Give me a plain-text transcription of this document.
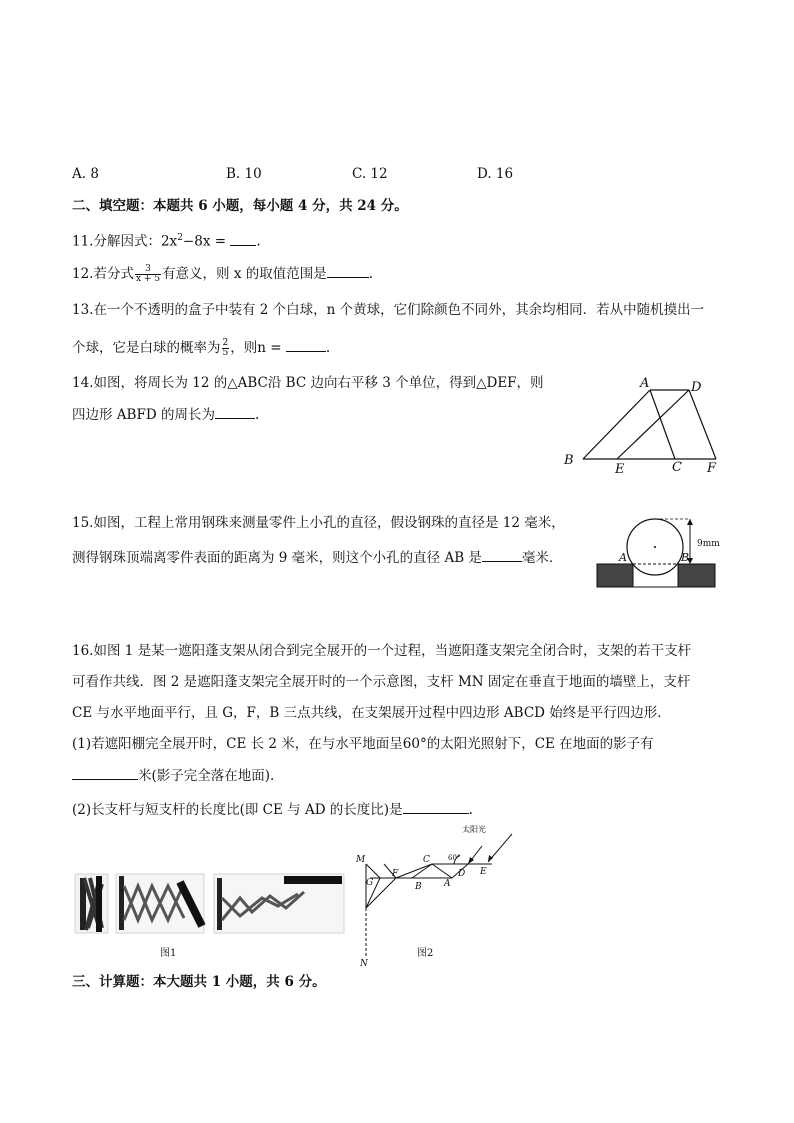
A. 8	B. 10	C. 12	D. 16
二、填空题：本题共 6 小题，每小题 4 分，共 24 分。
11.分解因式：$2x^2-8x$ = .
12.若分式 $\frac{3}{x + 5}$ 有意义，则 x 的取值范围是	.
13.在一个不透明的盒子中装有 2 个白球，n 个黄球，它们除颜色不同外，其余均相同．若从中随机摸出一
个球，它是白球的概率为 $\frac{2}{5}$ ，则n =	.
14.如图，将周长为 12 的△ABC沿 BC 边向右平移 3 个单位，得到△DEF，则
四边形 ABFD 的周长为	.
A	D
B
E	C F
15.如图，工程上常用钢珠来测量零件上小孔的直径，假设钢珠的直径是 12 毫米，
测得钢珠顶端离零件表面的距离为 9 毫米，则这个小孔的直径 AB 是	毫米．	A	B
9mm
16.如图 1 是某一遮阳蓬支架从闭合到完全展开的一个过程，当遮阳蓬支架完全闭合时，支架的若干支杆
可看作共线．图 2 是遮阳蓬支架完全展开时的一个示意图，支杆 MN 固定在垂直于地面的墙壁上，支杆
CE 与水平地面平行，且 G，F，B 三点共线，在支架展开过程中四边形 ABCD 始终是平行四边形．
(1)若遮阳棚完全展开时，CE 长 2 米，在与水平地面呈60°的太阳光照射下，CE 在地面的影子有
米(影子完全落在地面).
(2)长支杆与短支杆的长度比(即 CE 与 AD 的长度比)是	.
图1
M
N
G
F
B
C
A
D E
60°
太阳光
图2
三、计算题：本大题共 1 小题，共 6 分。
